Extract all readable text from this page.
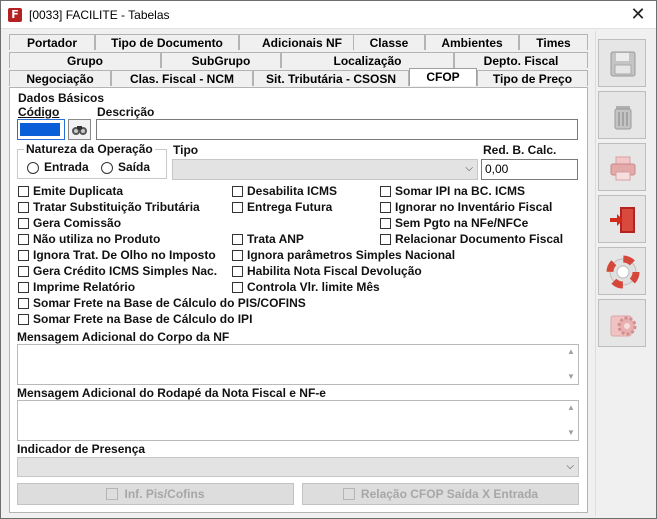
F [0033] FACILITE - Tabelas	✕
Portador	Tipo de Documento	Adicionais NF	Classe	Ambientes	Times
Grupo	SubGrupo	Localização	Depto. Fiscal
Negociação	Clas. Fiscal - NCM	Sit. Tributária - CSOSN	CFOP	Tipo de Preço
Dados Básicos
Código	Descrição
Natureza da Operação
Entrada Saída
Tipo
⌵
Red. B. Calc.
0,00
Emite Duplicata
Tratar Substituição Tributária
Gera Comissão
Não utiliza no Produto
Ignora Trat. De Olho no Imposto
Gera Crédito ICMS Simples Nac.
Imprime Relatório
Somar Frete na Base de Cálculo do PIS/COFINS
Somar Frete na Base de Cálculo do IPI
Desabilita ICMS
Entrega Futura
Trata ANP
Ignora parâmetros Simples Nacional
Habilita Nota Fiscal Devolução
Controla Vlr. limite Mês
Somar IPI na BC. ICMS
Ignorar no Inventário Fiscal
Sem Pgto na NFe/NFCe
Relacionar Documento Fiscal
Mensagem Adicional do Corpo da NF
▲
▼
Mensagem Adicional do Rodapé da Nota Fiscal e NF-e
▲
▼
Indicador de Presença
⌵
Inf. Pis/Cofins	Relação CFOP Saída X Entrada
